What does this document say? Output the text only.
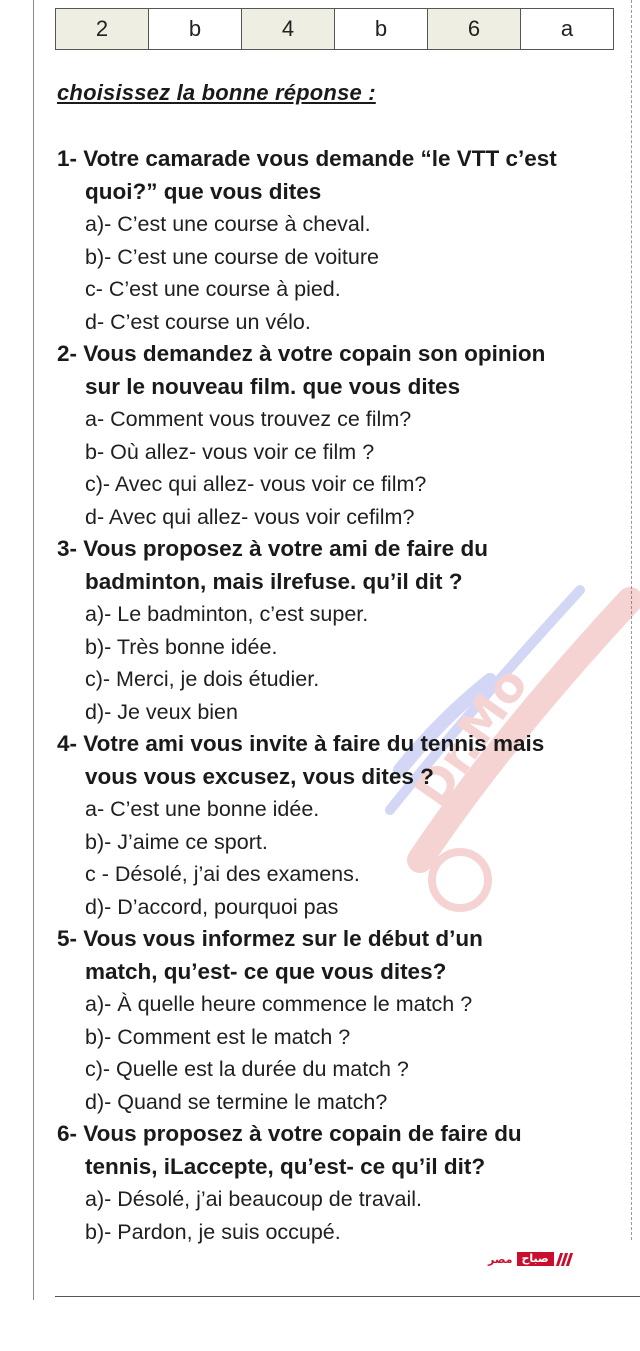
2	b	4	b	6	a
choisissez la bonne réponse :
Dr.Mo

1- Votre camarade vous demande “le VTT c’est
quoi?” que vous dites

a)- C’est une course à cheval.

b)- C’est une course de voiture

c- C’est une course à pied.

d- C’est course un vélo.

2- Vous demandez à votre copain son opinion
sur le nouveau film. que vous dites

a- Comment vous trouvez ce film?

b- Où allez- vous voir ce film ?

c)- Avec qui allez- vous voir ce film?

d- Avec qui allez- vous voir cefilm?

3- Vous proposez à votre ami de faire du
badminton, mais ilrefuse. qu’il dit ?

a)- Le badminton, c’est super.

b)- Très bonne idée.

c)- Merci, je dois étudier.

d)- Je veux bien

4- Votre ami vous invite à faire du tennis mais
vous vous excusez, vous dites ?

a- C’est une bonne idée.

b)- J’aime ce sport.

c - Désolé, j’ai des examens.

d)- D’accord, pourquoi pas

5- Vous vous informez sur le début d’un
match, qu’est- ce que vous dites?

a)- À quelle heure commence le match ?

b)- Comment est le match ?

c)- Quelle est la durée du match ?

d)- Quand se termine le match?

6- Vous proposez à votre copain de faire du
tennis, iLaccepte, qu’est- ce qu’il dit?

a)- Désolé, j’ai beaucoup de travail.

b)- Pardon, je suis occupé.

مصر صباح
